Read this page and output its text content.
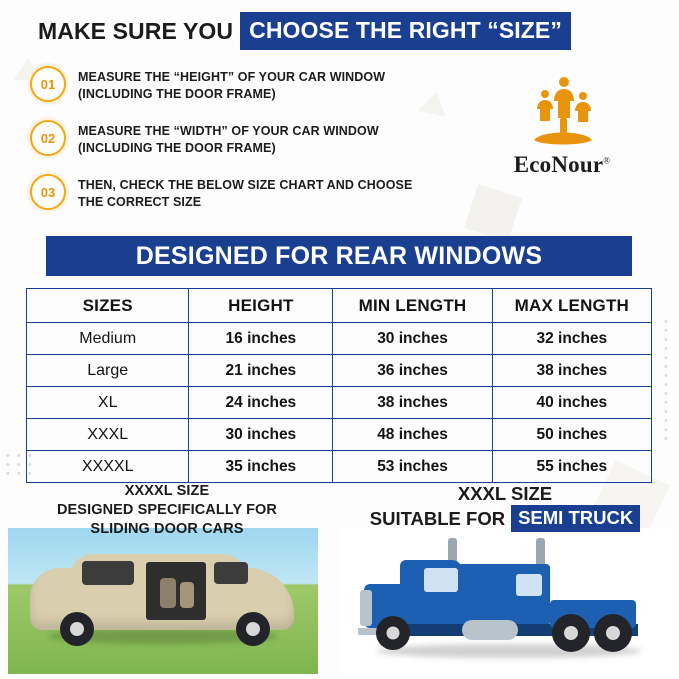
•
•
•
•
•
•
•
•
•
•
•
•
•
•
• • •
• • •
• • •
MAKE SURE YOU CHOOSE THE RIGHT “SIZE”
01	MEASURE THE “HEIGHT” OF YOUR CAR WINDOW (INCLUDING THE DOOR FRAME)
02	MEASURE THE “WIDTH” OF YOUR CAR WINDOW (INCLUDING THE DOOR FRAME)
03	THEN, CHECK THE BELOW SIZE CHART AND CHOOSE THE CORRECT SIZE
EcoNour®
DESIGNED FOR REAR WINDOWS
SIZES	HEIGHT	MIN LENGTH	MAX LENGTH
Medium	16 inches	30 inches	32 inches
Large	21 inches	36 inches	38 inches
XL	24 inches	38 inches	40 inches
XXXL	30 inches	48 inches	50 inches
XXXXL	35 inches	53 inches	55 inches
XXXXL SIZE
DESIGNED SPECIFICALLY FOR
SLIDING DOOR CARS
XXXL SIZE
SUITABLE FOR SEMI TRUCK
